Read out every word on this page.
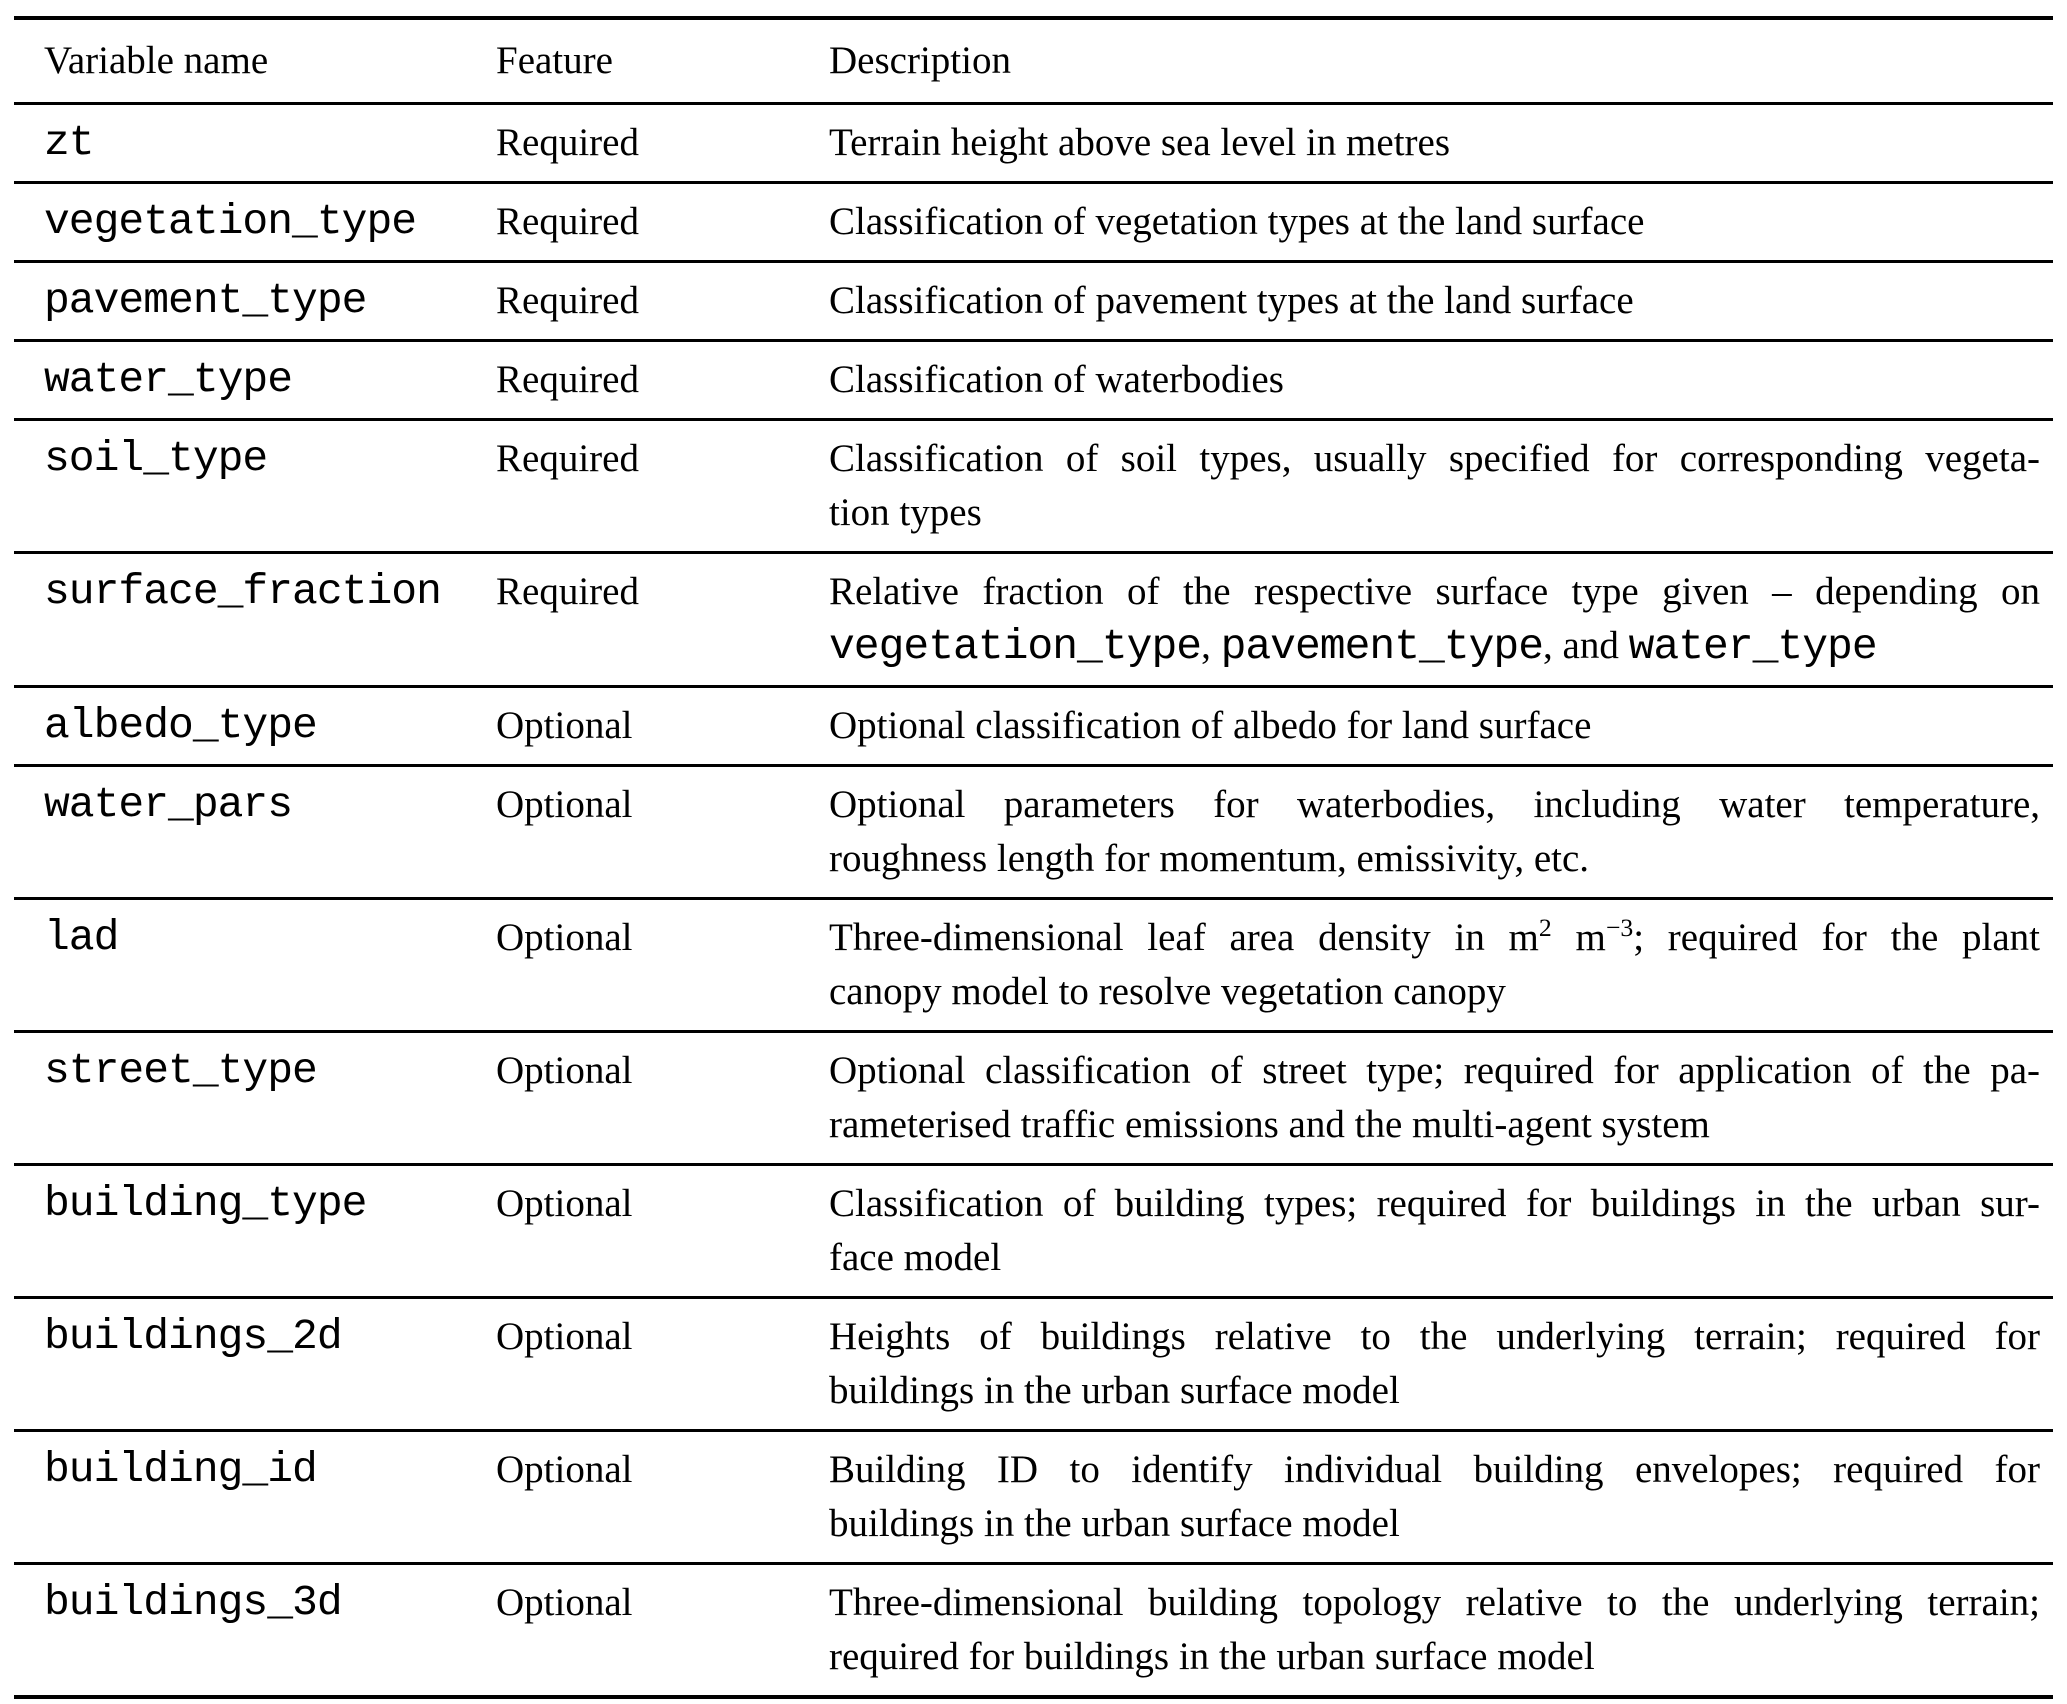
Variable name	Feature	Description
zt	Required	Terrain height above sea level in metres
vegetation_type	Required	Classification of vegetation types at the land surface
pavement_type	Required	Classification of pavement types at the land surface
water_type	Required	Classification of waterbodies
soil_type	Required	Classification of soil types, usually specified for corresponding vegeta-
tion types
surface_fraction	Required	Relative fraction of the respective surface type given – depending on
vegetation_type, pavement_type, and water_type
albedo_type	Optional	Optional classification of albedo for land surface
water_pars	Optional	Optional parameters for waterbodies, including water temperature,
roughness length for momentum, emissivity, etc.
lad	Optional	Three-dimensional leaf area density in $m^2$ $m^{-3}$; required for the plant
canopy model to resolve vegetation canopy
street_type	Optional	Optional classification of street type; required for application of the pa-
rameterised traffic emissions and the multi-agent system
building_type	Optional	Classification of building types; required for buildings in the urban sur-
face model
buildings_2d	Optional	Heights of buildings relative to the underlying terrain; required for
buildings in the urban surface model
building_id	Optional	Building ID to identify individual building envelopes; required for
buildings in the urban surface model
buildings_3d	Optional	Three-dimensional building topology relative to the underlying terrain;
required for buildings in the urban surface model
